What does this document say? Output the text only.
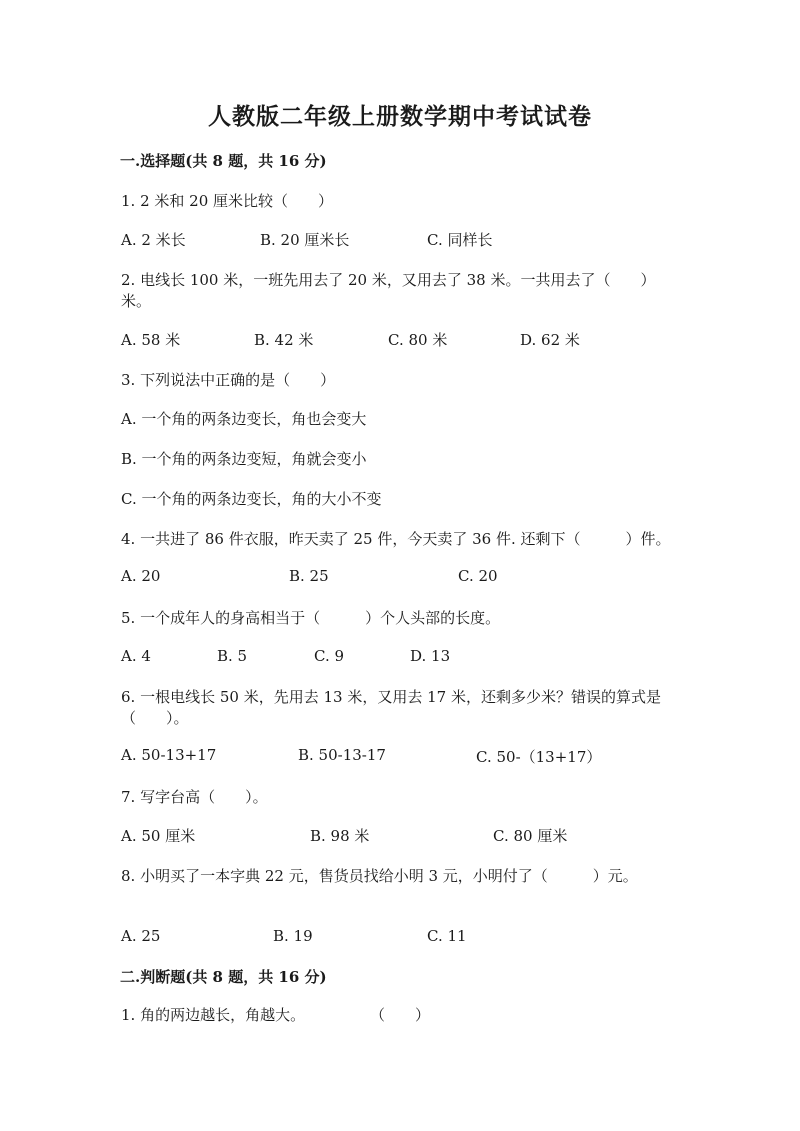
人教版二年级上册数学期中考试试卷
一.选择题(共 8 题，共 16 分)
1. 2 米和 20 厘米比较（　　）
A. 2 米长	B. 20 厘米长	C. 同样长
2. 电线长 100 米，一班先用去了 20 米，又用去了 38 米。一共用去了（　　）
米。
A. 58 米	B. 42 米	C. 80 米	D. 62 米
3. 下列说法中正确的是（　　）
A. 一个角的两条边变长，角也会变大
B. 一个角的两条边变短，角就会变小
C. 一个角的两条边变长，角的大小不变
4. 一共进了 86 件衣服，昨天卖了 25 件，今天卖了 36 件. 还剩下（　　　）件。
A. 20	B. 25	C. 20
5. 一个成年人的身高相当于（　　　）个人头部的长度。
A. 4	B. 5	C. 9	D. 13
6. 一根电线长 50 米，先用去 13 米，又用去 17 米，还剩多少米？错误的算式是
（　　）。
A. 50-13+17	B. 50-13-17	C. 50-（13+17）
7. 写字台高（　　）。
A. 50 厘米	B. 98 米	C. 80 厘米
8. 小明买了一本字典 22 元，售货员找给小明 3 元，小明付了（　　　）元。
A. 25	B. 19	C. 11
二.判断题(共 8 题，共 16 分)
1. 角的两边越长，角越大。	（　　）
